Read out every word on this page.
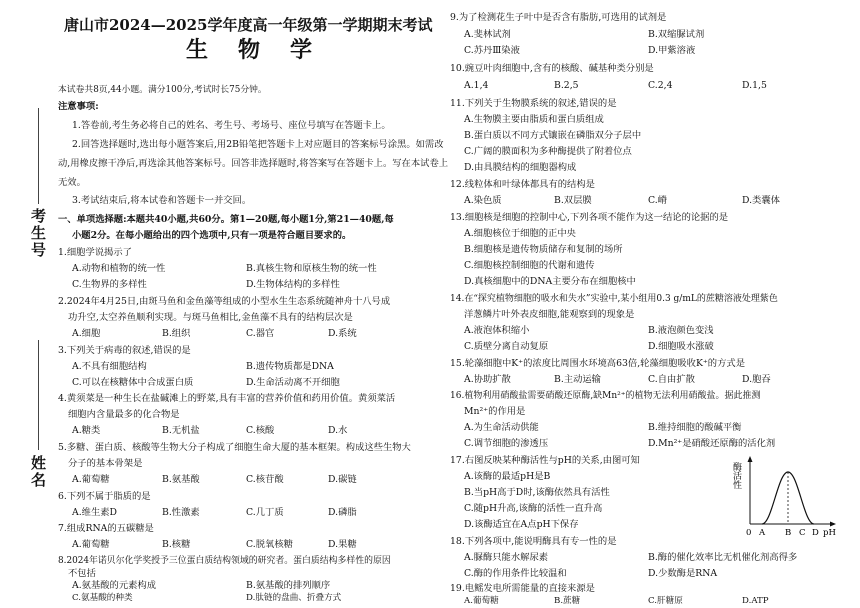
考生号
姓名
唐山市2024—2025学年度高一年级第一学期期末考试
生　物　学
本试卷共8页,44小题。满分100分,考试时长75分钟。
注意事项:
1.答卷前,考生务必将自己的姓名、考生号、考场号、座位号填写在答题卡上。
2.回答选择题时,选出每小题答案后,用2B铅笔把答题卡上对应题目的答案标号涂黑。如需改
动,用橡皮擦干净后,再选涂其他答案标号。回答非选择题时,将答案写在答题卡上。写在本试卷上
无效。
3.考试结束后,将本试卷和答题卡一并交回。
一、单项选择题:本题共40小题,共60分。第1—20题,每小题1分,第21—40题,每
小题2分。在每小题给出的四个选项中,只有一项是符合题目要求的。
1.细胞学说揭示了
A.动物和植物的统一性	B.真核生物和原核生物的统一性
C.生物界的多样性	D.生物体结构的多样性
2.2024年4月25日,由斑马鱼和金鱼藻等组成的小型水生生态系统随神舟十八号成
功升空,太空养鱼顺利实现。与斑马鱼相比,金鱼藻不具有的结构层次是
A.细胞	B.组织	C.器官	D.系统
3.下列关于病毒的叙述,错误的是
A.不具有细胞结构	B.遗传物质都是DNA
C.可以在核糖体中合成蛋白质	D.生命活动离不开细胞
4.黄须菜是一种生长在盐碱滩上的野菜,具有丰富的营养价值和药用价值。黄须菜活
细胞内含量最多的化合物是
A.糖类	B.无机盐	C.核酸	D.水
5.多糖、蛋白质、核酸等生物大分子构成了细胞生命大厦的基本框架。构成这些生物大
分子的基本骨架是
A.葡萄糖	B.氨基酸	C.核苷酸	D.碳链
6.下列不属于脂质的是
A.维生素D	B.性激素	C.几丁质	D.磷脂
7.组成RNA的五碳糖是
A.葡萄糖	B.核糖	C.脱氧核糖	D.果糖
8.2024年诺贝尔化学奖授予三位蛋白质结构领域的研究者。蛋白质结构多样性的原因
不包括
A.氨基酸的元素构成	B.氨基酸的排列顺序
C.氨基酸的种类	D.肽链的盘曲、折叠方式
9.为了检测花生子叶中是否含有脂肪,可选用的试剂是
A.斐林试剂	B.双缩脲试剂
C.苏丹Ⅲ染液	D.甲紫溶液
10.豌豆叶肉细胞中,含有的核酸、碱基种类分别是
A.1,4	B.2,5	C.2,4	D.1,5
11.下列关于生物膜系统的叙述,错误的是
A.生物膜主要由脂质和蛋白质组成
B.蛋白质以不同方式镶嵌在磷脂双分子层中
C.广阔的膜面积为多种酶提供了附着位点
D.由具膜结构的细胞器构成
12.线粒体和叶绿体都具有的结构是
A.染色质	B.双层膜	C.嵴	D.类囊体
13.细胞核是细胞的控制中心,下列各项不能作为这一结论的论据的是
A.细胞核位于细胞的正中央
B.细胞核是遗传物质储存和复制的场所
C.细胞核控制细胞的代谢和遗传
D.真核细胞中的DNA主要分布在细胞核中
14.在“探究植物细胞的吸水和失水”实验中,某小组用0.3 g/mL的蔗糖溶液处理紫色
洋葱鳞片叶外表皮细胞,能观察到的现象是
A.液泡体积缩小	B.液泡颜色变浅
C.质壁分离自动复原	D.细胞吸水涨破
15.轮藻细胞中K⁺的浓度比周围水环境高63倍,轮藻细胞吸收K⁺的方式是
A.协助扩散	B.主动运输	C.自由扩散	D.胞吞
16.植物利用硝酸盐需要硝酸还原酶,缺Mn²⁺的植物无法利用硝酸盐。据此推测
Mn²⁺的作用是
A.为生命活动供能	B.维持细胞的酸碱平衡
C.调节细胞的渗透压	D.Mn²⁺是硝酸还原酶的活化剂
17.右图反映某种酶活性与pH的关系,由图可知
A.该酶的最适pH是B
B.当pH高于D时,该酶依然具有活性
C.随pH升高,该酶的活性一直升高
D.该酶适宜在A点pH下保存
酶活性
0 A B C D pH
18.下列各项中,能说明酶具有专一性的是
A.脲酶只能水解尿素	B.酶的催化效率比无机催化剂高得多
C.酶的作用条件比较温和	D.少数酶是RNA
19.电鳐发电所需能量的直接来源是
A.葡萄糖	B.蔗糖	C.肝糖原	D.ATP
